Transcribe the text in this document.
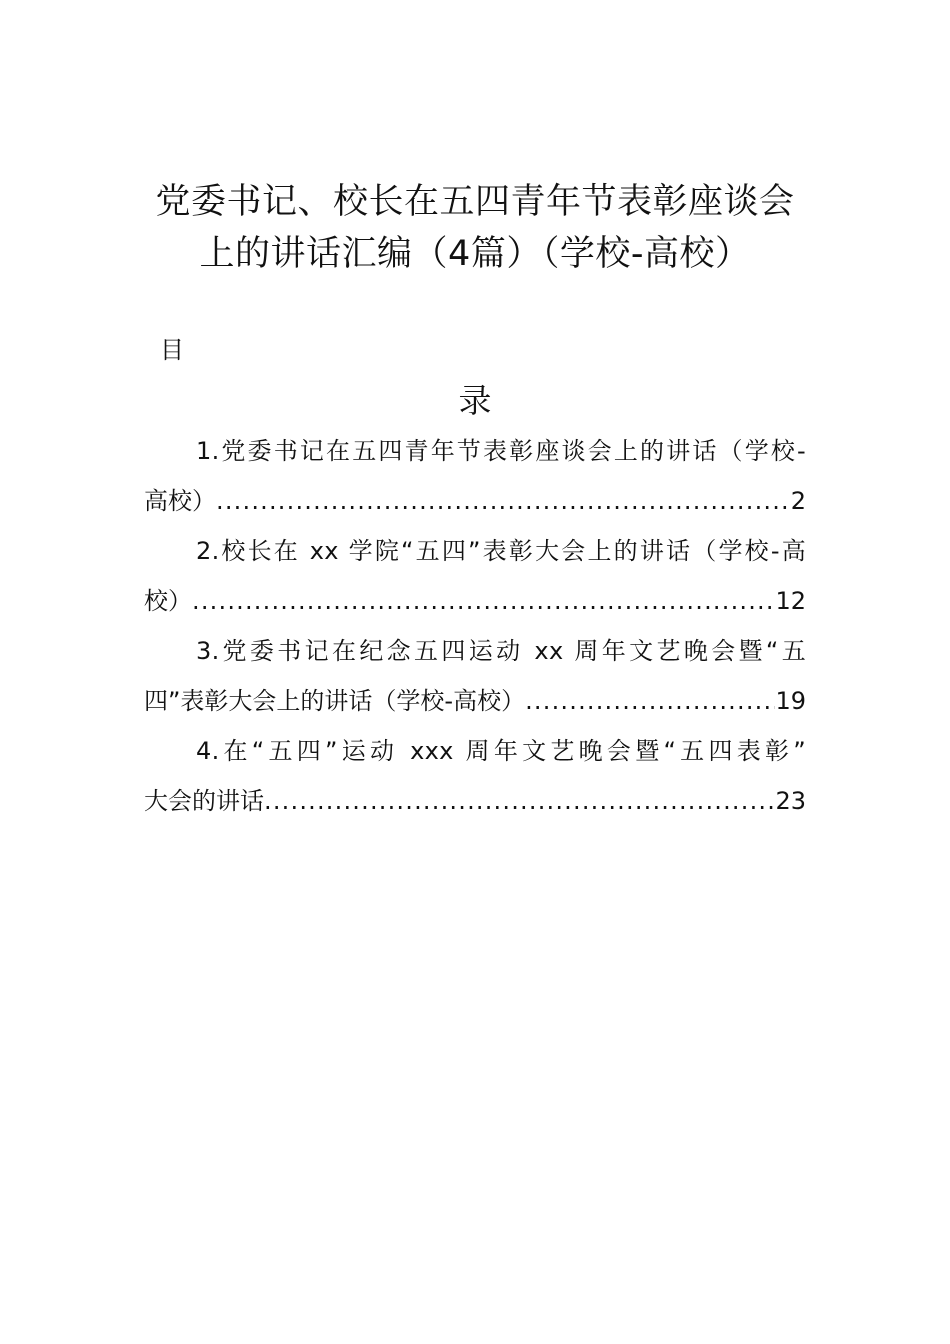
党委书记、校长在五四青年节表彰座谈会
上的讲话汇编（4篇）（学校-高校）
目
录
1.党委书记在五四青年节表彰座谈会上的讲话（学校-
高校） .....	2
2.校长在 xx 学院“五四”表彰大会上的讲话（学校-高
校） .....	12
3.党委书记在纪念五四运动 xx 周年文艺晚会暨“五
四”表彰大会上的讲话（学校-高校） .....	19
4.在“五四”运动 xxx 周年文艺晚会暨“五四表彰”
大会的讲话 .....	23
